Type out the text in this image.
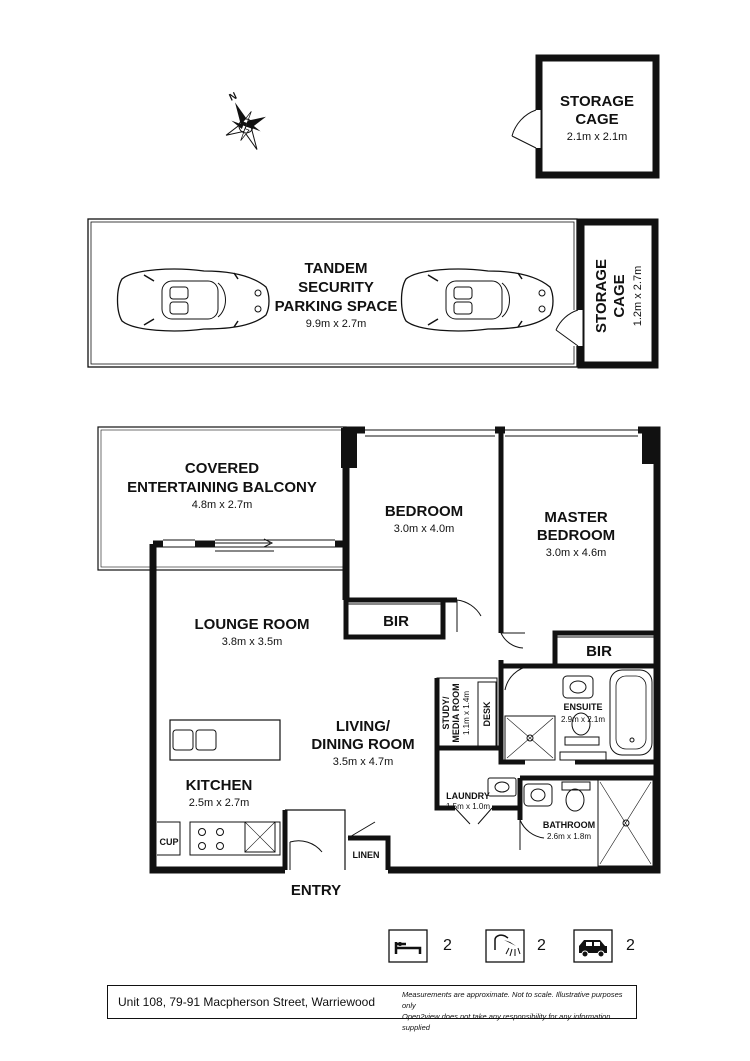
STORAGE
CAGE
2.1m x 2.1m
N
TANDEM
SECURITY
PARKING SPACE
9.9m x 2.7m	STORAGE CAGE 1.2m x 2.7m
COVERED
ENTERTAINING BALCONY
4.8m x 2.7m	BEDROOM
3.0m x 4.0m
MASTER
BEDROOM
3.0m x 4.6m
BIR
BIR
LOUNGE ROOM
3.8m x 3.5m
LIVING/
DINING ROOM
3.5m x 4.7m
KITCHEN
2.5m x 2.7m
CUP
LINEN
ENTRY
STUDY/ MEDIA ROOM 1.1m x 1.4m DESK	ENSUITE
2.9m x 2.1m
LAUNDRY
1.5m x 1.0m
BATHROOM
2.6m x 1.8m
2	2	2
Unit 108, 79-91 Macpherson Street, Warriewood
Measurements are approximate. Not to scale. Illustrative purposes only
Open2view does not take any responsibility for any information supplied
